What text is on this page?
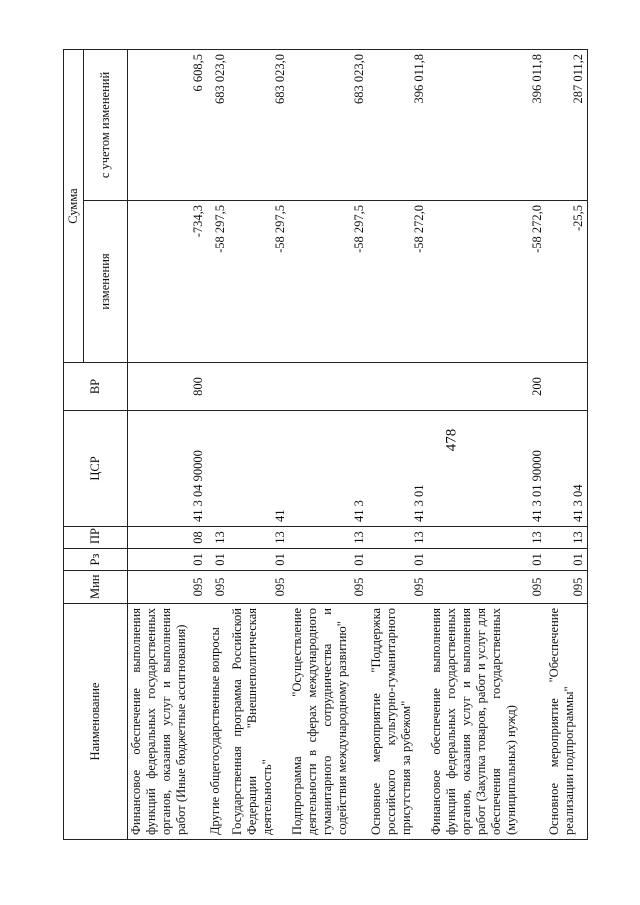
478
Наименование	Мин	Рз	ПР	ЦСР	ВР	Сумма	
						изменения	с учетом изменений
Финансовое обеспечение выполнения функций федеральных государственных органов, оказания услуг и выполнения работ (Иные бюджетные ассигнования)	095	01	08	41 3 04 90000	800	-734,3	6 608,5
Другие общегосударственные вопросы	095	01	13			-58 297,5	683 023,0
Государственная программа Российской Федерации "Внешнеполитическая деятельность"	095	01	13	41		-58 297,5	683 023,0
Подпрограмма "Осуществление деятельности в сферах международного гуманитарного сотрудничества и содействия международному развитию"	095	01	13	41 3		-58 297,5	683 023,0
Основное мероприятие "Поддержка российского культурно-гуманитарного присутствия за рубежом"	095	01	13	41 3 01		-58 272,0	396 011,8
Финансовое обеспечение выполнения функций федеральных государственных органов, оказания услуг и выполнения работ (Закупка товаров, работ и услуг для обеспечения государственных (муниципальных) нужд)	095	01	13	41 3 01 90000	200	-58 272,0	396 011,8
Основное мероприятие "Обеспечение реализации подпрограммы"	095	01	13	41 3 04		-25,5	287 011,2
